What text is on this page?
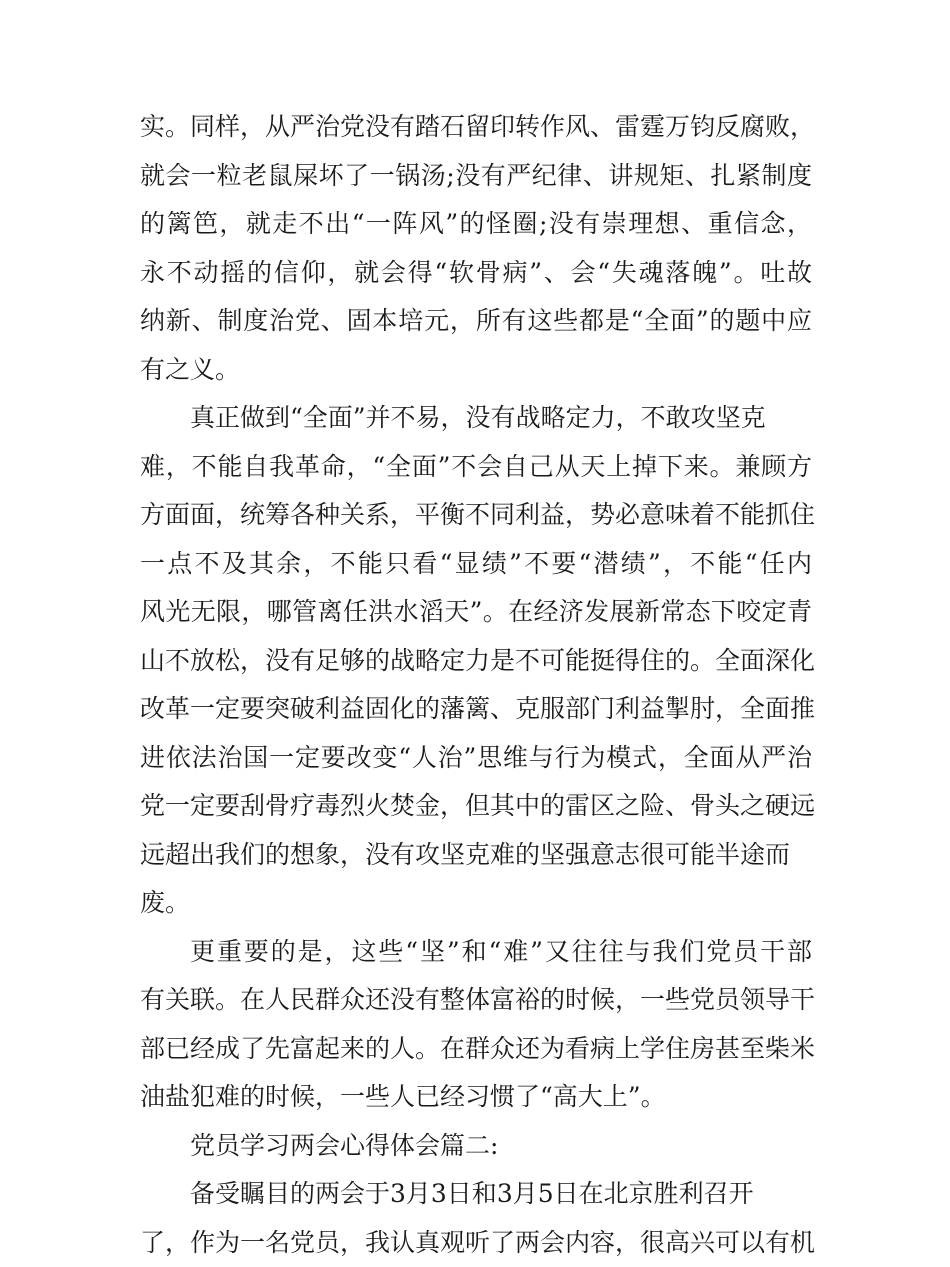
实。同样，从严治党没有踏石留印转作风、雷霆万钧反腐败，
就会一粒老鼠屎坏了一锅汤;没有严纪律、讲规矩、扎紧制度
的篱笆，就走不出“一阵风”的怪圈;没有崇理想、重信念，
永不动摇的信仰，就会得“软骨病”、会“失魂落魄”。吐故
纳新、制度治党、固本培元，所有这些都是“全面”的题中应
有之义。
真正做到“全面”并不易，没有战略定力，不敢攻坚克
难，不能自我革命，“全面”不会自己从天上掉下来。兼顾方
方面面，统筹各种关系，平衡不同利益，势必意味着不能抓住
一点不及其余，不能只看“显绩”不要“潜绩”，不能“任内
风光无限，哪管离任洪水滔天”。在经济发展新常态下咬定青
山不放松，没有足够的战略定力是不可能挺得住的。全面深化
改革一定要突破利益固化的藩篱、克服部门利益掣肘，全面推
进依法治国一定要改变“人治”思维与行为模式，全面从严治
党一定要刮骨疗毒烈火焚金，但其中的雷区之险、骨头之硬远
远超出我们的想象，没有攻坚克难的坚强意志很可能半途而
废。
更重要的是，这些“坚”和“难”又往往与我们党员干部
有关联。在人民群众还没有整体富裕的时候，一些党员领导干
部已经成了先富起来的人。在群众还为看病上学住房甚至柴米
油盐犯难的时候，一些人已经习惯了“高大上”。
党员学习两会心得体会篇二:
备受瞩目的两会于3月3日和3月5日在北京胜利召开
了，作为一名党员，我认真观听了两会内容，很高兴可以有机
